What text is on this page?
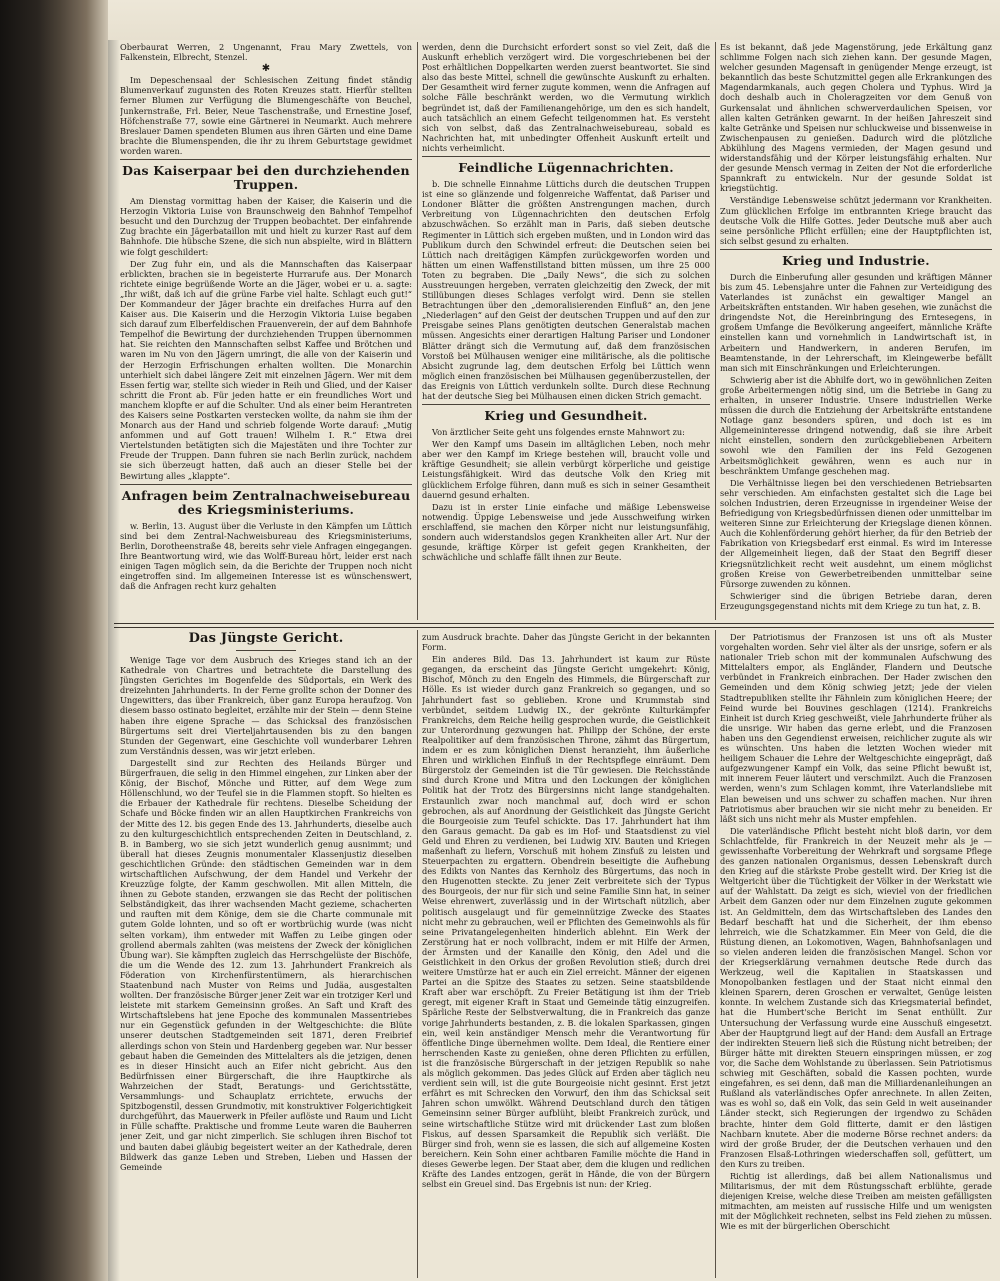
Oberbaurat Werren, 2 Ungenannt, Frau Mary Zwettels, von Falkenstein, Elbrecht, Stenzel.

✱

Im Depeschensaal der Schlesischen Zeitung findet ständig Blumenverkauf zugunsten des Roten Kreuzes statt. Hierfür stellten ferner Blumen zur Verfügung die Blumengeschäfte von Beuchel, Junkernstraße, Frl. Beier, Neue Taschenstraße, und Ernestine Josef, Höfchenstraße 77, sowie eine Gärtnerei in Neumarkt. Auch mehrere Breslauer Damen spendeten Blumen aus ihren Gärten und eine Dame brachte die Blumenspenden, die ihr zu ihrem Geburtstage gewidmet worden waren.

Das Kaiserpaar bei den durchziehenden Truppen.

Am Dienstag vormittag haben der Kaiser, die Kaiserin und die Herzogin Viktoria Luise von Braunschweig den Bahnhof Tempelhof besucht und den Durchzug der Truppen beobachtet. Der einfahrende Zug brachte ein Jägerbataillon mit und hielt zu kurzer Rast auf dem Bahnhofe. Die hübsche Szene, die sich nun abspielte, wird in Blättern wie folgt geschildert:

Der Zug fuhr ein, und als die Mannschaften das Kaiserpaar erblickten, brachen sie in begeisterte Hurrarufe aus. Der Monarch richtete einige begrüßende Worte an die Jäger, wobei er u. a. sagte: „Ihr wißt, daß ich auf die grüne Farbe viel halte. Schlagt euch gut!“ Der Kommandeur der Jäger brachte ein dreifaches Hurra auf den Kaiser aus. Die Kaiserin und die Herzogin Viktoria Luise begaben sich darauf zum Elberfeldischen Frauenverein, der auf dem Bahnhofe Tempelhof die Bewirtung der durchziehenden Truppen übernommen hat. Sie reichten den Mannschaften selbst Kaffee und Brötchen und waren im Nu von den Jägern umringt, die alle von der Kaiserin und der Herzogin Erfrischungen erhalten wollten. Die Monarchin unterhielt sich dabei längere Zeit mit einzelnen Jägern. Wer mit dem Essen fertig war, stellte sich wieder in Reih und Glied, und der Kaiser schritt die Front ab. Für jeden hatte er ein freundliches Wort und manchem klopfte er auf die Schulter. Und als einer beim Herantreten des Kaisers seine Postkarten verstecken wollte, da nahm sie ihm der Monarch aus der Hand und schrieb folgende Worte darauf: „Mutig anfommen und auf Gott trauen! Wilhelm I. R.“ Etwa drei Viertelstunden betätigten sich die Majestäten und ihre Tochter zur Freude der Truppen. Dann fuhren sie nach Berlin zurück, nachdem sie sich überzeugt hatten, daß auch an dieser Stelle bei der Bewirtung alles „klappte“.

Anfragen beim Zentralnachweisebureau des Kriegsministeriums.

w. Berlin, 13. August über die Verluste in den Kämpfen um Lüttich sind bei dem Zentral-Nachweisbureau des Kriegsministeriums, Berlin, Dorotheenstraße 48, bereits sehr viele Anfragen eingegangen. Ihre Beantwortung wird, wie das Wolff-Bureau hört, leider erst nach einigen Tagen möglich sein, da die Berichte der Truppen noch nicht eingetroffen sind. Im allgemeinen Interesse ist es wünschenswert, daß die Anfragen recht kurz gehalten

werden, denn die Durchsicht erfordert sonst so viel Zeit, daß die Auskunft erheblich verzögert wird. Die vorgeschriebenen bei der Post erhältlichen Doppelkarten werden zuerst beantwortet. Sie sind also das beste Mittel, schnell die gewünschte Auskunft zu erhalten. Der Gesamtheit wird ferner zugute kommen, wenn die Anfragen auf solche Fälle beschränkt werden, wo die Vermutung wirklich begründet ist, daß der Familienangehörige, um den es sich handelt, auch tatsächlich an einem Gefecht teilgenommen hat. Es versteht sich von selbst, daß das Zentralnachweisebureau, sobald es Nachrichten hat, mit unbedingter Offenheit Auskunft erteilt und nichts verheimlicht.

Feindliche Lügennachrichten.

b. Die schnelle Einnahme Lüttichs durch die deutschen Truppen ist eine so glänzende und folgenreiche Waffentat, daß Pariser und Londoner Blätter die größten Anstrengungen machen, durch Verbreitung von Lügennachrichten den deutschen Erfolg abzuschwächen. So erzählt man in Paris, daß sieben deutsche Regimenter in Lüttich sich ergeben mußten, und in London wird das Publikum durch den Schwindel erfreut: die Deutschen seien bei Lüttich nach dreitägigen Kämpfen zurückgeworfen worden und hätten um einen Waffenstillstand bitten müssen, um ihre 25 000 Toten zu begraben. Die „Daily News“, die sich zu solchen Ausstreuungen hergeben, verraten gleichzeitig den Zweck, der mit Stillübungen dieses Schlages verfolgt wird. Denn sie stellen Betrachtungen über den „demoralisierenden Einfluß“ an, den jene „Niederlagen“ auf den Geist der deutschen Truppen und auf den zur Preisgabe seines Plans genötigten deutschen Generalstab machen müssen. Angesichts einer derartigen Haltung Pariser und Londoner Blätter drängt sich die Vermutung auf, daß dem französischen Vorstoß bei Mülhausen weniger eine militärische, als die politische Absicht zugrunde lag, dem deutschen Erfolg bei Lüttich wenn möglich einen französischen bei Mülhausen gegenüberzustellen, der das Ereignis von Lüttich verdunkeln sollte. Durch diese Rechnung hat der deutsche Sieg bei Mülhausen einen dicken Strich gemacht.

Krieg und Gesundheit.

Von ärztlicher Seite geht uns folgendes ernste Mahnwort zu:

Wer den Kampf ums Dasein im alltäglichen Leben, noch mehr aber wer den Kampf im Kriege bestehen will, braucht volle und kräftige Gesundheit; sie allein verbürgt körperliche und geistige Leistungsfähigkeit. Wird das deutsche Volk den Krieg mit glücklichem Erfolge führen, dann muß es sich in seiner Gesamtheit dauernd gesund erhalten.

Dazu ist in erster Linie einfache und mäßige Lebensweise notwendig. Üppige Lebensweise und jede Ausschweifung wirken erschlaffend, sie machen den Körper nicht nur leistungsunfähig, sondern auch widerstandslos gegen Krankheiten aller Art. Nur der gesunde, kräftige Körper ist gefeit gegen Krankheiten, der schwächliche und schlaffe fällt ihnen zur Beute.

Es ist bekannt, daß jede Magenstörung, jede Erkältung ganz schlimme Folgen nach sich ziehen kann. Der gesunde Magen, welcher gesunden Magensaft in genügender Menge erzeugt, ist bekanntlich das beste Schutzmittel gegen alle Erkrankungen des Magendarmkanals, auch gegen Cholera und Typhus. Wird ja doch deshalb auch in Choleragzeiten vor dem Genuß von Gurkensalat und ähnlichen schwerverdaulichen Speisen, vor allen kalten Getränken gewarnt. In der heißen Jahreszeit sind kalte Getränke und Speisen nur schluckweise und bissenweise in Zwischenpausen zu genießen. Dadurch wird die plötzliche Abkühlung des Magens vermieden, der Magen gesund und widerstandsfähig und der Körper leistungsfähig erhalten. Nur der gesunde Mensch vermag in Zeiten der Not die erforderliche Spannkraft zu entwickeln. Nur der gesunde Soldat ist kriegstüchtig.

Verständige Lebensweise schützt jedermann vor Krankheiten. Zum glücklichen Erfolge im entbrannten Kriege braucht das deutsche Volk die Hilfe Gottes. Jeder Deutsche muß aber auch seine persönliche Pflicht erfüllen; eine der Hauptpflichten ist, sich selbst gesund zu erhalten.

Krieg und Industrie.

Durch die Einberufung aller gesunden und kräftigen Männer bis zum 45. Lebensjahre unter die Fahnen zur Verteidigung des Vaterlandes ist zunächst ein gewaltiger Mangel an Arbeitskräften entstanden. Wir haben gesehen, wie zunächst die dringendste Not, die Hereinbringung des Erntesegens, in großem Umfange die Bevölkerung angeeifert, männliche Kräfte einstellen kann und vornehmlich in Landwirtschaft ist, in Arbeitern und Handwerkern, in anderen Berufen, im Beamtenstande, in der Lehrerschaft, im Kleingewerbe befällt man sich mit Einschränkungen und Erleichterungen.

Schwierig aber ist die Abhilfe dort, wo in gewöhnlichen Zeiten große Arbeitermengen nötig sind, um die Betriebe in Gang zu erhalten, in unserer Industrie. Unsere industriellen Werke müssen die durch die Entziehung der Arbeitskräfte entstandene Notlage ganz besonders spüren, und doch ist es im Allgemeininteresse dringend notwendig, daß sie ihre Arbeit nicht einstellen, sondern den zurückgebliebenen Arbeitern sowohl wie den Familien der ins Feld Gezogenen Arbeitsmöglichkeit gewähren, wenn es auch nur in beschränktem Umfange geschehen mag.

Die Verhältnisse liegen bei den verschiedenen Betriebsarten sehr verschieden. Am einfachsten gestaltet sich die Lage bei solchen Industrien, deren Erzeugnisse in irgendeiner Weise der Befriedigung von Kriegsbedürfnissen dienen oder unmittelbar im weiteren Sinne zur Erleichterung der Kriegslage dienen können. Auch die Kohlenförderung gehört hierher, da für den Betrieb der Fabrikation von Kriegsbedarf erst einmal. Es wird im Interesse der Allgemeinheit liegen, daß der Staat den Begriff dieser Kriegsnützlichkeit recht weit ausdehnt, um einem möglichst großen Kreise von Gewerbetreibenden unmittelbar seine Fürsorge zuwenden zu können.

Schwieriger sind die übrigen Betriebe daran, deren Erzeugungsgegenstand nichts mit dem Kriege zu tun hat, z. B.

Das Jüngste Gericht.

Wenige Tage vor dem Ausbruch des Krieges stand ich an der Kathedrale von Chartres und betrachtete die Darstellung des Jüngsten Gerichtes im Bogenfelde des Südportals, ein Werk des dreizehnten Jahrhunderts. In der Ferne grollte schon der Donner des Ungewitters, das über Frankreich, über ganz Europa heraufzog. Von diesem basso ostinato begleitet, erzählte mir der Stein — denn Steine haben ihre eigene Sprache — das Schicksal des französischen Bürgertums seit drei Vierteljahrtausenden bis zu den bangen Stunden der Gegenwart, eine Geschichte voll wunderbarer Lehren zum Verständnis dessen, was wir jetzt erleben.

Dargestellt sind zur Rechten des Heilands Bürger und Bürgerfrauen, die selig in den Himmel eingehen, zur Linken aber der König, der Bischof, Mönche und Ritter, auf dem Wege zum Höllenschlund, wo der Teufel sie in die Flammen stopft. So hielten es die Erbauer der Kathedrale für rechtens. Dieselbe Scheidung der Schafe und Böcke finden wir an allen Hauptkirchen Frankreichs von der Mitte des 12. bis gegen Ende des 13. Jahrhunderts, dieselbe auch zu den kulturgeschichtlich entsprechenden Zeiten in Deutschland, z. B. in Bamberg, wo sie sich jetzt wunderlich genug ausnimmt; und überall hat dieses Zeugnis monumentaler Klassenjustiz dieselben geschichtlichen Gründe: den städtischen Gemeinden war in dem wirtschaftlichen Aufschwung, der dem Handel und Verkehr der Kreuzzüge folgte, der Kamm geschwollen. Mit allen Mitteln, die ihnen zu Gebote standen, erzwangen sie das Recht der politischen Selbständigkeit, das ihrer wachsenden Macht gezieme, schacherten und rauften mit dem Könige, dem sie die Charte communale mit gutem Golde lohnten, und so oft er wortbrüchig wurde (was nicht selten vorkam), ihm entweder mit Waffen zu Leibe gingen oder grollend abermals zahlten (was meistens der Zweck der königlichen Übung war). Sie kämpften zugleich das Herrschgelüste der Bischöfe, die um die Wende des 12. zum 13. Jahrhundert Frankreich als Föderation von Kirchenfürstentümern, als hierarchischen Staatenbund nach Muster von Reims und Judäa, ausgestalten wollten. Der französische Bürger jener Zeit war ein trotziger Kerl und leistete mit starkem Gemeinsinn großes. An Saft und Kraft des Wirtschaftslebens hat jene Epoche des kommunalen Massentriebes nur ein Gegenstück gefunden in der Weltgeschichte: die Blüte unserer deutschen Stadtgemeinden seit 1871, deren Freibrief allerdings schon von Stein und Hardenberg gegeben war. Nur besser gebaut haben die Gemeinden des Mittelalters als die jetzigen, denen es in dieser Hinsicht auch an Eifer nicht gebricht. Aus den Bedürfnissen einer Bürgerschaft, die ihre Hauptkirche als Wahrzeichen der Stadt, Beratungs- und Gerichtsstätte, Versammlungs- und Schauplatz errichtete, erwuchs der Spitzbogenstil, dessen Grundmotiv, mit konstruktiver Folgerichtigkeit durchgeführt, das Mauerwerk in Pfeiler auflöste und Raum und Licht in Fülle schaffte. Praktische und fromme Leute waren die Bauherren jener Zeit, und gar nicht zimperlich. Sie schlugen ihren Bischof tot und bauten dabei gläubig begeistert weiter an der Kathedrale, deren Bildwerk das ganze Leben und Streben, Lieben und Hassen der Gemeinde

zum Ausdruck brachte. Daher das Jüngste Gericht in der bekannten Form.

Ein anderes Bild. Das 13. Jahrhundert ist kaum zur Rüste gegangen, da erscheint das Jüngste Gericht umgekehrt: König, Bischof, Mönch zu den Engeln des Himmels, die Bürgerschaft zur Hölle. Es ist wieder durch ganz Frankreich so gegangen, und so Jahrhundert fast so geblieben. Krone und Krummstab sind verbündet, seitdem Ludwig IX., der gekrönte Kulturkämpfer Frankreichs, dem Reiche heilig gesprochen wurde, die Geistlichkeit zur Unterordnung gezwungen hat. Philipp der Schöne, der erste Realpolitiker auf dem französischen Throne, zähmt das Bürgertum, indem er es zum königlichen Dienst heranzieht, ihm äußerliche Ehren und wirklichen Einfluß in der Rechtspflege einräumt. Dem Bürgerstolz der Gemeinden ist die Tür gewiesen. Die Reichsstände sind durch Krone und Mitra und den Lockungen der königlichen Politik hat der Trotz des Bürgersinns nicht lange standgehalten. Erstaunlich zwar noch manchmal auf, doch wird er schon gebrochen, als auf Anordnung der Geistlichkeit das Jüngste Gericht die Bourgeoisie zum Teufel schickte. Das 17. Jahrhundert hat ihm den Garaus gemacht. Da gab es im Hof- und Staatsdienst zu viel Geld und Ehren zu verdienen, bei Ludwig XIV. Bauten und Kriegen maßenhaft zu liefern, Vorschuß mit hohem Zinsfuß zu leisten und Steuerpachten zu ergattern. Obendrein beseitigte die Aufhebung des Edikts von Nantes das Kernholz des Bürgertums, das noch in den Hugenotten steckte. Zu jener Zeit verbreitete sich der Typus des Bourgeois, der nur für sich und seine Familie Sinn hat, in seiner Weise ehrenwert, zuverlässig und in der Wirtschaft nützlich, aber politisch ausgelaugt und für gemeinnützige Zwecke des Staates nicht mehr zu gebrauchen, weil er Pflichten des Gemeinwohls als für seine Privatangelegenheiten hinderlich ablehnt. Ein Werk der Zerstörung hat er noch vollbracht, indem er mit Hilfe der Armen, der Ärmsten und der Kanaille den König, den Adel und die Geistlichkeit in den Orkus der großen Revolution stieß; durch drei weitere Umstürze hat er auch ein Ziel erreicht. Männer der eigenen Partei an die Spitze des Staates zu setzen. Seine staatsbildende Kraft aber war erschöpft. Zu Freier Betätigung ist ihm der Trieb geregt, mit eigener Kraft in Staat und Gemeinde tätig einzugreifen. Spärliche Reste der Selbstverwaltung, die in Frankreich das ganze vorige Jahrhunderts bestanden, z. B. die lokalen Sparkassen, gingen ein, weil kein anständiger Mensch mehr die Verantwortung für öffentliche Dinge übernehmen wollte. Dem Ideal, die Rentiere einer herrschenden Kaste zu genießen, ohne deren Pflichten zu erfüllen, ist die französische Bürgerschaft in der jetzigen Republik so nahe als möglich gekommen. Das jedes Glück auf Erden aber täglich neu verdient sein will, ist die gute Bourgeoisie nicht gesinnt. Erst jetzt erfährt es mit Schrecken den Vorwurf, den ihm das Schicksal seit Jahren schon umwölkt. Während Deutschland durch den tätigen Gemeinsinn seiner Bürger aufblüht, bleibt Frankreich zurück, und seine wirtschaftliche Stütze wird mit drückender Last zum bloßen Fiskus, auf dessen Sparsamkeit die Republik sich verläßt. Die Bürger sind froh, wenn sie es lassen, die sich auf allgemeine Kosten bereichern. Kein Sohn einer achtbaren Familie möchte die Hand in dieses Gewerbe legen. Der Staat aber, dem die klugen und redlichen Kräfte des Landes entzogen, gerät in Hände, die von der Bürgern selbst ein Greuel sind. Das Ergebnis ist nun: der Krieg.

Der Patriotismus der Franzosen ist uns oft als Muster vorgehalten worden. Sehr viel älter als der unsrige, sofern er als nationaler Trieb schon mit der kommunalen Aufschwung des Mittelalters empor, als Engländer, Flandern und Deutsche verbündet in Frankreich einbrachen. Der Hader zwischen den Gemeinden und dem König schwieg jetzt; jede der vielen Stadtrepubliken stellte ihr Fähnlein zum königlichen Heere; der Feind wurde bei Bouvines geschlagen (1214). Frankreichs Einheit ist durch Krieg geschweißt, viele Jahrhunderte früher als die unsrige. Wir haben das gerne erlebt, und die Franzosen haben uns den Gegendienst erweisen, reichlicher zugute als wir es wünschten. Uns haben die letzten Wochen wieder mit heiligem Schauer die Lehre der Weltgeschichte eingeprägt, daß aufgezwungener Kampf ein Volk, das seine Pflicht bewußt ist, mit innerem Feuer läutert und verschmilzt. Auch die Franzosen werden, wenn's zum Schlagen kommt, ihre Vaterlandsliebe mit Elan beweisen und uns schwer zu schaffen machen. Nur ihren Patriotismus aber brauchen wir sie nicht mehr zu beneiden. Er läßt sich uns nicht mehr als Muster empfehlen.

Die vaterländische Pflicht besteht nicht bloß darin, vor dem Schlachtfelde, für Frankreich in der Neuzeit mehr als je — gewissenhafte Vorbereitung der Wehrkraft und sorgsame Pflege des ganzen nationalen Organismus, dessen Lebenskraft durch den Krieg auf die stärkste Probe gestellt wird. Der Krieg ist die Weltgericht über die Tüchtigkeit der Völker in der Werkstatt wie auf der Wahlstatt. Da zeigt es sich, wieviel von der friedlichen Arbeit dem Ganzen oder nur dem Einzelnen zugute gekommen ist. An Geldmitteln, dem das Wirtschaftsleben des Landes den Bedarf beschafft hat und die Sicherheit, der ihm ebenso lehrreich, wie die Schatzkammer. Ein Meer von Geld, die die Rüstung dienen, an Lokomotiven, Wagen, Bahnhofsanlagen und so vielen anderen leiden die französischen Mangel. Schon vor der Kriegserklärung vernahmen deutsche Rede durch das Werkzeug, weil die Kapitalien in Staatskassen und Monopolbanken festlagen und der Staat nicht einmal den kleinen Sparern, deren Groschen er verwaltet, Genüge leisten konnte. In welchem Zustande sich das Kriegsmaterial befindet, hat die Humbert'sche Bericht im Senat enthüllt. Zur Untersuchung der Verfassung wurde eine Ausschuß eingesetzt. Aber der Hauptgrund liegt auf der Hand: dem Ausfall an Ertrage der indirekten Steuern ließ sich die Rüstung nicht betreiben; der Bürger hätte mit direkten Steuern einspringen müssen, er zog vor, die Sache dem Wohlstande zu überlassen. Sein Patriotismus schwieg mit Geschäften, sobald die Kassen pochten, wurde eingefahren, es sei denn, daß man die Milliardenanleihungen an Rußland als vaterländisches Opfer anrechnete. In allen Zeiten, was es wohl so, daß ein Volk, das sein Geld in weit auseinander Länder steckt, sich Regierungen der irgendwo zu Schäden brachte, hinter dem Gold flitterte, damit er den lästigen Nachbarn knutete. Aber die moderne Börse rechnet anders: da wird der große Bruder, der die Deutschen verhauen und den Franzosen Elsaß-Lothringen wiederschaffen soll, gefüttert, um den Kurs zu treiben.

Richtig ist allerdings, daß bei allem Nationalismus und Militarismus, der mit dem Rüstungsschaft erblühte, gerade diejenigen Kreise, welche diese Treiben am meisten gefälligsten mitmachten, am meisten auf russische Hilfe und um wenigsten mit der Möglichkeit rechneten, selbst ins Feld ziehen zu müssen. Wie es mit der bürgerlichen Oberschicht
